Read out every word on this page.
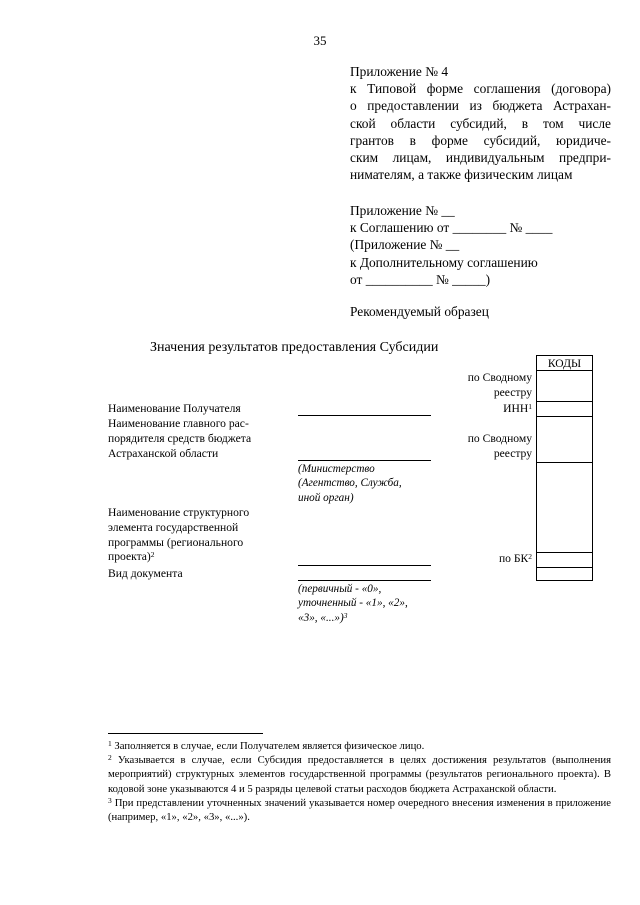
35
Приложение № 4
к Типовой форме соглашения (договора)
о предоставлении из бюджета Астрахан-
ской области субсидий, в том числе
грантов в форме субсидий, юридиче-
ским лицам, индивидуальным предпри-
нимателям, а также физическим лицам
Приложение № __
к Соглашению от ________ № ____
(Приложение № __
к Дополнительному соглашению
от __________ № _____)
Рекомендуемый образец
Значения результатов предоставления Субсидии
КОДЫ
по Сводному
реестру
ИНН$^1$
по Сводному
реестру
по $БК^2$
Наименование Получателя
Наименование главного рас-
порядителя средств бюджета
Астраханской области
Наименование структурного
элемента государственной
программы (регионального
проекта)$^2$
Вид документа
(Министерство
(Агентство, Служба,
иной орган)
(первичный - «0»,
уточненный - «1», «2»,
«3», «...»)$^3$

$^1$ Заполняется в случае, если Получателем является физическое лицо.

$^2$ Указывается в случае, если Субсидия предоставляется в целях достижения результатов (выполнения мероприятий) структурных элементов государственной программы (результатов регионального проекта). В кодовой зоне указываются 4 и 5 разряды целевой статьи расходов бюджета Астраханской области.

$^3$ При представлении уточненных значений указывается номер очередного внесения изменения в приложение (например, «1», «2», «3», «...»).
